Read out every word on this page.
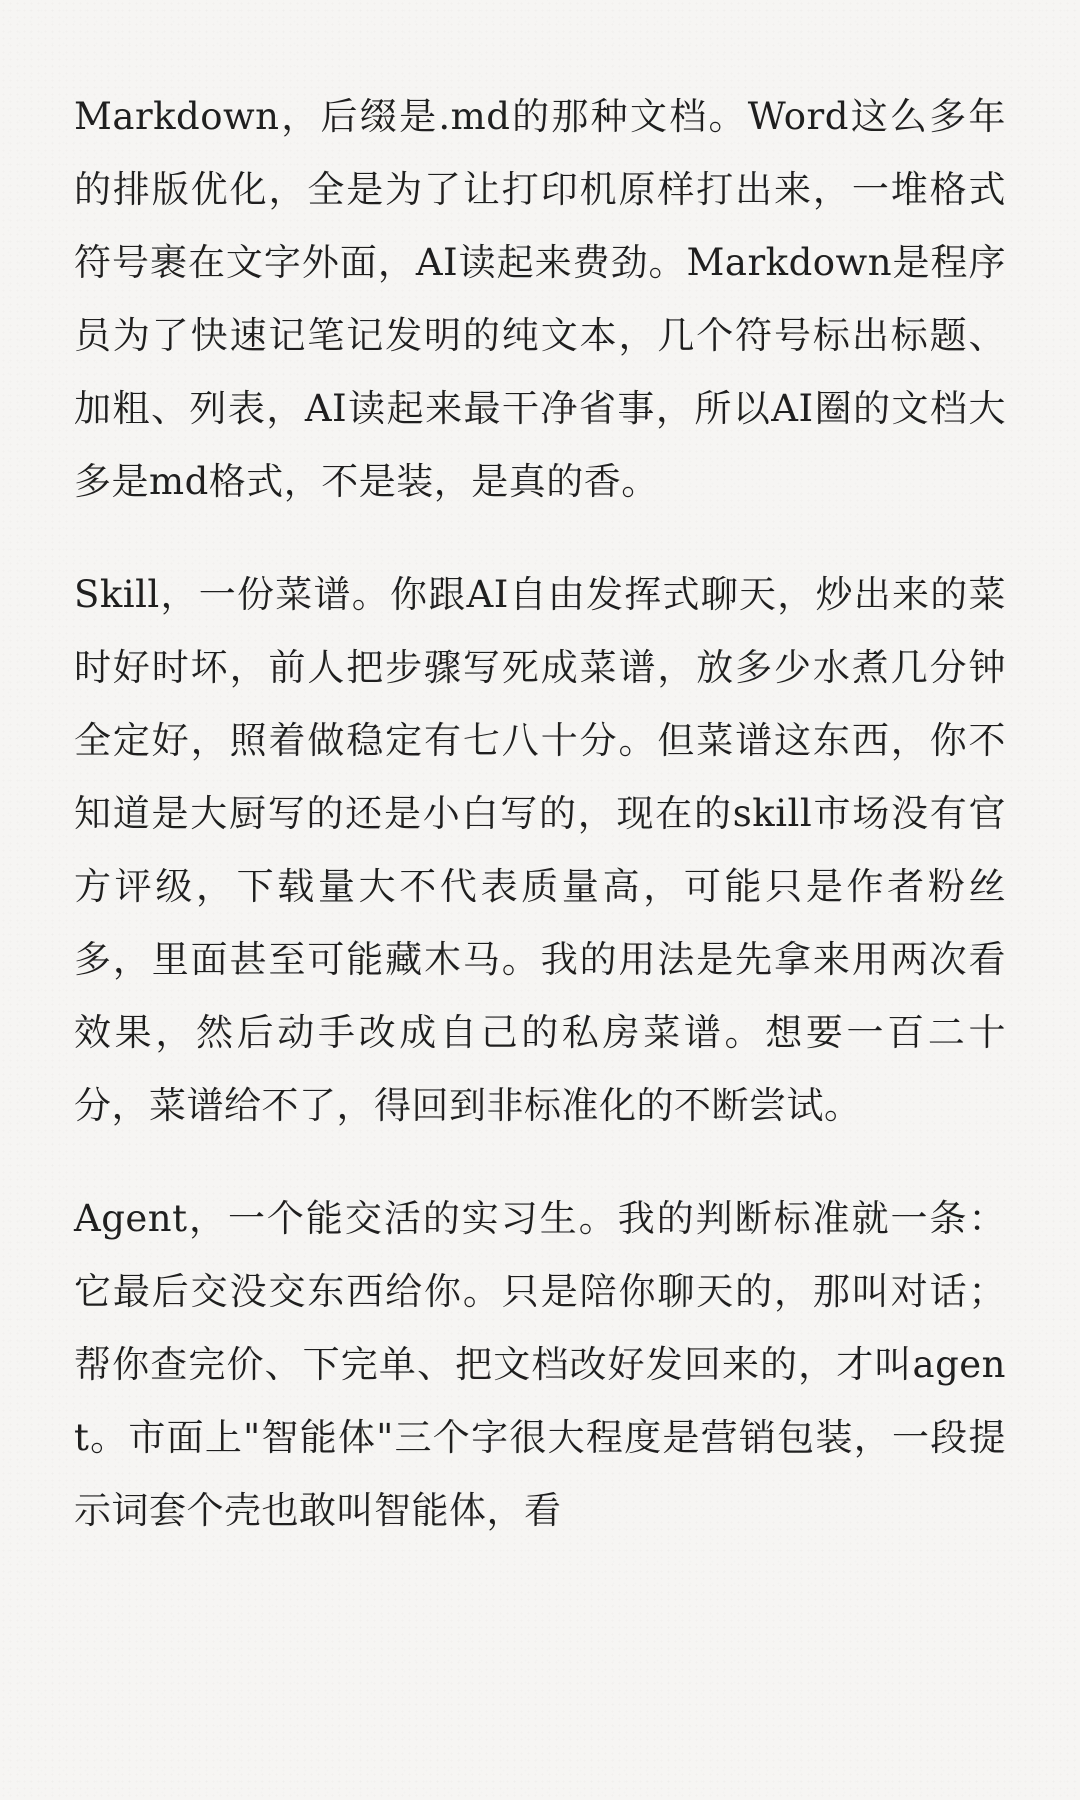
Markdown，后缀是.md的那种文档。Word这么多年的排版优化，全是为了让打印机原样打出来，一堆格式符号裹在文字外面，AI读起来费劲。Markdown是程序员为了快速记笔记发明的纯文本，几个符号标出标题、加粗、列表，AI读起来最干净省事，所以AI圈的文档大多是md格式，不是装，是真的香。

Skill，一份菜谱。你跟AI自由发挥式聊天，炒出来的菜时好时坏，前人把步骤写死成菜谱，放多少水煮几分钟全定好，照着做稳定有七八十分。但菜谱这东西，你不知道是大厨写的还是小白写的，现在的skill市场没有官方评级，下载量大不代表质量高，可能只是作者粉丝多，里面甚至可能藏木马。我的用法是先拿来用两次看效果，然后动手改成自己的私房菜谱。想要一百二十分，菜谱给不了，得回到非标准化的不断尝试。

Agent，一个能交活的实习生。我的判断标准就一条：它最后交没交东西给你。只是陪你聊天的，那叫对话；帮你查完价、下完单、把文档改好发回来的，才叫agent。市面上"智能体"三个字很大程度是营销包装，一段提示词套个壳也敢叫智能体，看
